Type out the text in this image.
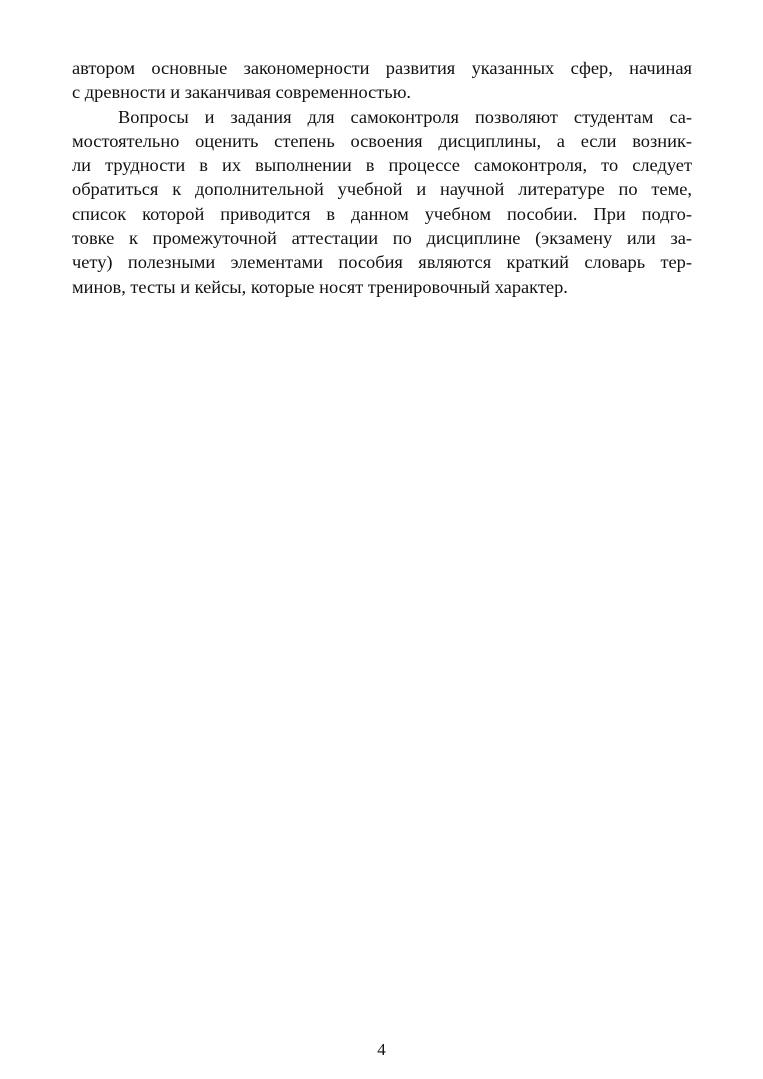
автором основные закономерности развития указанных сфер, начиная
с древности и заканчивая современностью.
Вопросы и задания для самоконтроля позволяют студентам са-
мостоятельно оценить степень освоения дисциплины, а если возник-
ли трудности в их выполнении в процессе самоконтроля, то следует
обратиться к дополнительной учебной и научной литературе по теме,
список которой приводится в данном учебном пособии. При подго-
товке к промежуточной аттестации по дисциплине (экзамену или за-
чету) полезными элементами пособия являются краткий словарь тер-
минов, тесты и кейсы, которые носят тренировочный характер.
4
